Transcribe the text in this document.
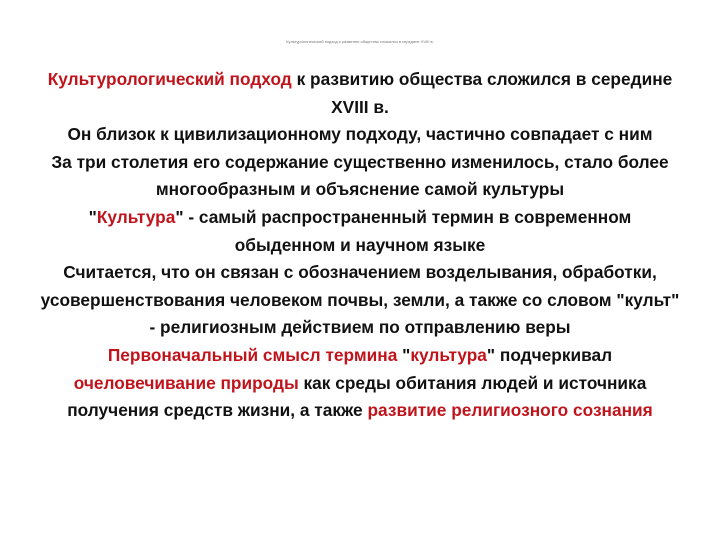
Культурологический подход к развитию общества сложился в середине XVIII в.

Культурологический подход к развитию общества сложился в середине XVIII в.

Он близок к цивилизационному подходу, частично совпадает с ним

За три столетия его содержание существенно изменилось, стало более многообразным и объяснение самой культуры

"Культура" - самый распространенный термин в современном обыденном и научном языке

Считается, что он связан с обозначением возделывания, обработки, усовершенствования человеком почвы, земли, а также со словом "культ" - религиозным действием по отправлению веры

Первоначальный смысл термина "культура" подчеркивал очеловечивание природы как среды обитания людей и источника получения средств жизни, а также развитие религиозного сознания
